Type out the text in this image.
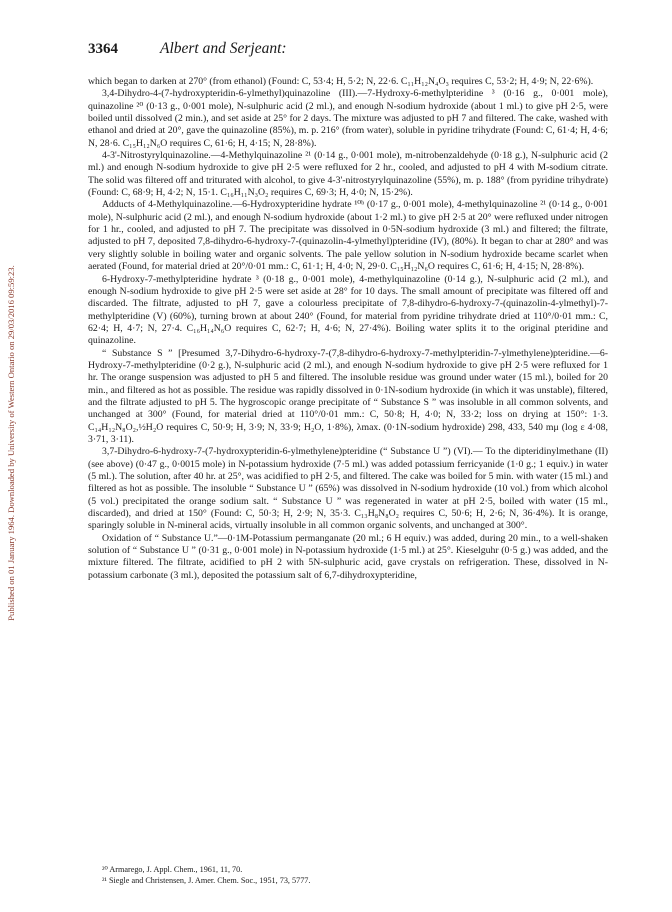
Published on 01 January 1964. Downloaded by University of Western Ontario on 29/03/2016 09:59:23.
3364	Albert and Serjeant:

which began to darken at 270° (from ethanol) (Found: C, 53·4; H, 5·2; N, 22·6. C₁₁H₁₂N₄O₃ requires C, 53·2; H, 4·9; N, 22·6%).

3,4-Dihydro-4-(7-hydroxypteridin-6-ylmethyl)quinazoline (III).—7-Hydroxy-6-methylpteridine ³ (0·16 g., 0·001 mole), quinazoline ²⁰ (0·13 g., 0·001 mole), N-sulphuric acid (2 ml.), and enough N-sodium hydroxide (about 1 ml.) to give pH 2·5, were boiled until dissolved (2 min.), and set aside at 25° for 2 days. The mixture was adjusted to pH 7 and filtered. The cake, washed with ethanol and dried at 20°, gave the quinazoline (85%), m. p. 216° (from water), soluble in pyridine trihydrate (Found: C, 61·4; H, 4·6; N, 28·6. C₁₅H₁₂N₆O requires C, 61·6; H, 4·15; N, 28·8%).

4-3'-Nitrostyrylquinazoline.—4-Methylquinazoline ²¹ (0·14 g., 0·001 mole), m-nitrobenzaldehyde (0·18 g.), N-sulphuric acid (2 ml.) and enough N-sodium hydroxide to give pH 2·5 were refluxed for 2 hr., cooled, and adjusted to pH 4 with M-sodium citrate. The solid was filtered off and triturated with alcohol, to give 4-3'-nitrostyrylquinazoline (55%), m. p. 188° (from pyridine trihydrate) (Found: C, 68·9; H, 4·2; N, 15·1. C₁₆H₁₁N₃O₂ requires C, 69·3; H, 4·0; N, 15·2%).

Adducts of 4-Methylquinazoline.—6-Hydroxypteridine hydrate ¹⁰ᵇ (0·17 g., 0·001 mole), 4-methylquinazoline ²¹ (0·14 g., 0·001 mole), N-sulphuric acid (2 ml.), and enough N-sodium hydroxide (about 1·2 ml.) to give pH 2·5 at 20° were refluxed under nitrogen for 1 hr., cooled, and adjusted to pH 7. The precipitate was dissolved in 0·5N-sodium hydroxide (3 ml.) and filtered; the filtrate, adjusted to pH 7, deposited 7,8-dihydro-6-hydroxy-7-(quinazolin-4-ylmethyl)pteridine (IV), (80%). It began to char at 280° and was very slightly soluble in boiling water and organic solvents. The pale yellow solution in N-sodium hydroxide became scarlet when aerated (Found, for material dried at 20°/0·01 mm.: C, 61·1; H, 4·0; N, 29·0. C₁₅H₁₂N₆O requires C, 61·6; H, 4·15; N, 28·8%).

6-Hydroxy-7-methylpteridine hydrate ³ (0·18 g., 0·001 mole), 4-methylquinazoline (0·14 g.), N-sulphuric acid (2 ml.), and enough N-sodium hydroxide to give pH 2·5 were set aside at 28° for 10 days. The small amount of precipitate was filtered off and discarded. The filtrate, adjusted to pH 7, gave a colourless precipitate of 7,8-dihydro-6-hydroxy-7-(quinazolin-4-ylmethyl)-7-methylpteridine (V) (60%), turning brown at about 240° (Found, for material from pyridine trihydrate dried at 110°/0·01 mm.: C, 62·4; H, 4·7; N, 27·4. C₁₆H₁₄N₆O requires C, 62·7; H, 4·6; N, 27·4%). Boiling water splits it to the original pteridine and quinazoline.

“ Substance S ” [Presumed 3,7-Dihydro-6-hydroxy-7-(7,8-dihydro-6-hydroxy-7-methylpteridin-7-ylmethylene)pteridine.—6-Hydroxy-7-methylpteridine (0·2 g.), N-sulphuric acid (2 ml.), and enough N-sodium hydroxide to give pH 2·5 were refluxed for 1 hr. The orange suspension was adjusted to pH 5 and filtered. The insoluble residue was ground under water (15 ml.), boiled for 20 min., and filtered as hot as possible. The residue was rapidly dissolved in 0·1N-sodium hydroxide (in which it was unstable), filtered, and the filtrate adjusted to pH 5. The hygroscopic orange precipitate of “ Substance S ” was insoluble in all common solvents, and unchanged at 300° (Found, for material dried at 110°/0·01 mm.: C, 50·8; H, 4·0; N, 33·2; loss on drying at 150°: 1·3. C₁₄H₁₂N₈O₂,½H₂O requires C, 50·9; H, 3·9; N, 33·9; H₂O, 1·8%), λmax. (0·1N-sodium hydroxide) 298, 433, 540 mμ (log ε 4·08, 3·71, 3·11).

3,7-Dihydro-6-hydroxy-7-(7-hydroxypteridin-6-ylmethylene)pteridine (“ Substance U ”) (VI).— To the dipteridinylmethane (II) (see above) (0·47 g., 0·0015 mole) in N-potassium hydroxide (7·5 ml.) was added potassium ferricyanide (1·0 g.; 1 equiv.) in water (5 ml.). The solution, after 40 hr. at 25°, was acidified to pH 2·5, and filtered. The cake was boiled for 5 min. with water (15 ml.) and filtered as hot as possible. The insoluble “ Substance U ” (65%) was dissolved in N-sodium hydroxide (10 vol.) from which alcohol (5 vol.) precipitated the orange sodium salt. “ Substance U ” was regenerated in water at pH 2·5, boiled with water (15 ml., discarded), and dried at 150° (Found: C, 50·3; H, 2·9; N, 35·3. C₁₃H₈N₈O₂ requires C, 50·6; H, 2·6; N, 36·4%). It is orange, sparingly soluble in N-mineral acids, virtually insoluble in all common organic solvents, and unchanged at 300°.

Oxidation of “ Substance U.”—0·1M-Potassium permanganate (20 ml.; 6 H equiv.) was added, during 20 min., to a well-shaken solution of “ Substance U ” (0·31 g., 0·001 mole) in N-potassium hydroxide (1·5 ml.) at 25°. Kieselguhr (0·5 g.) was added, and the mixture filtered. The filtrate, acidified to pH 2 with 5N-sulphuric acid, gave crystals on refrigeration. These, dissolved in N-potassium carbonate (3 ml.), deposited the potassium salt of 6,7-dihydroxypteridine,

²⁰ Armarego, J. Appl. Chem., 1961, 11, 70.

²¹ Siegle and Christensen, J. Amer. Chem. Soc., 1951, 73, 5777.
